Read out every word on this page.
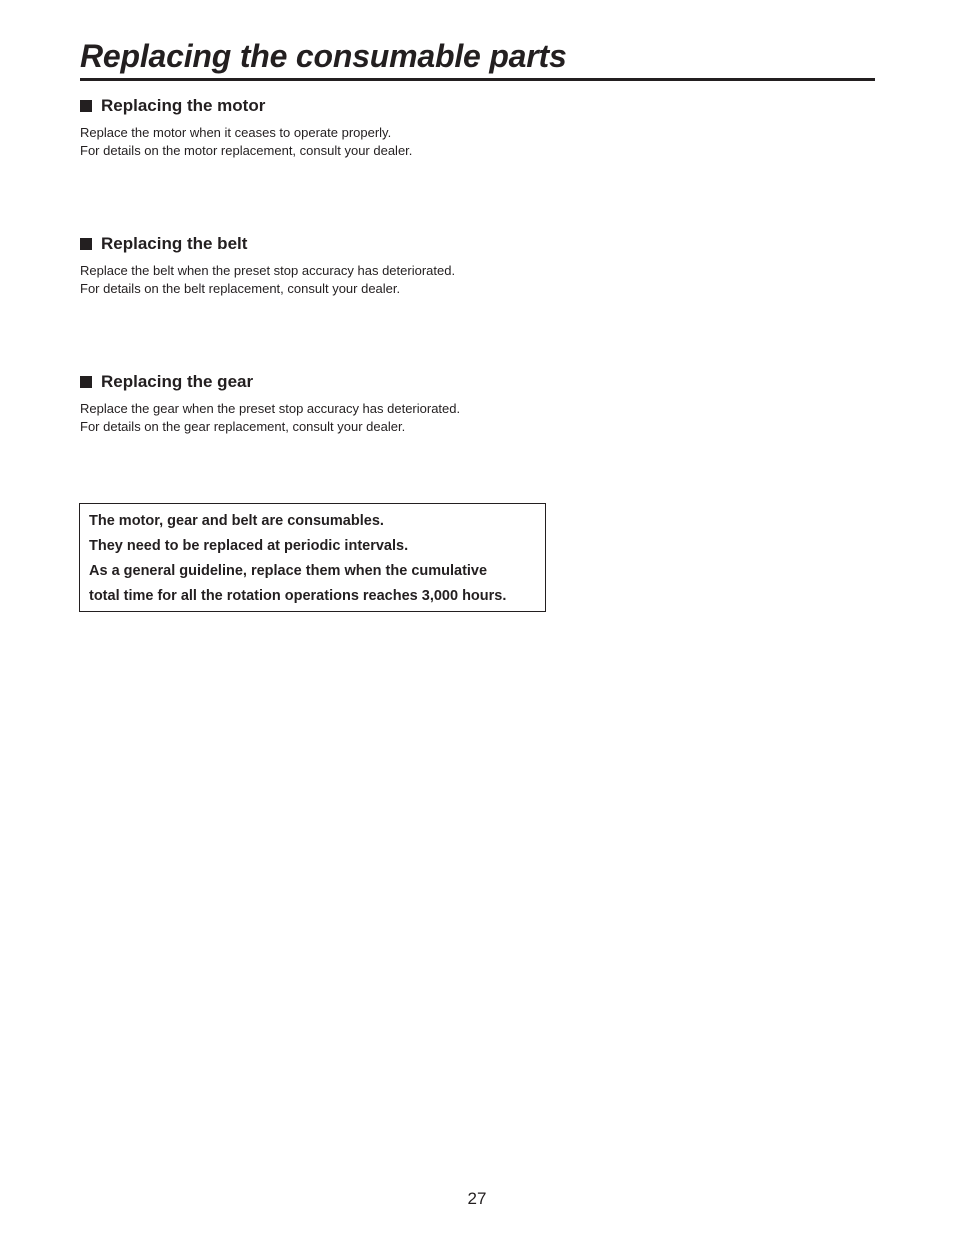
Replacing the consumable parts
Replacing the motor

Replace the motor when it ceases to operate properly.

For details on the motor replacement, consult your dealer.

Replacing the belt

Replace the belt when the preset stop accuracy has deteriorated.

For details on the belt replacement, consult your dealer.

Replacing the gear

Replace the gear when the preset stop accuracy has deteriorated.

For details on the gear replacement, consult your dealer.

The motor, gear and belt are consumables.

They need to be replaced at periodic intervals.

As a general guideline, replace them when the cumulative

total time for all the rotation operations reaches 3,000 hours.

27
